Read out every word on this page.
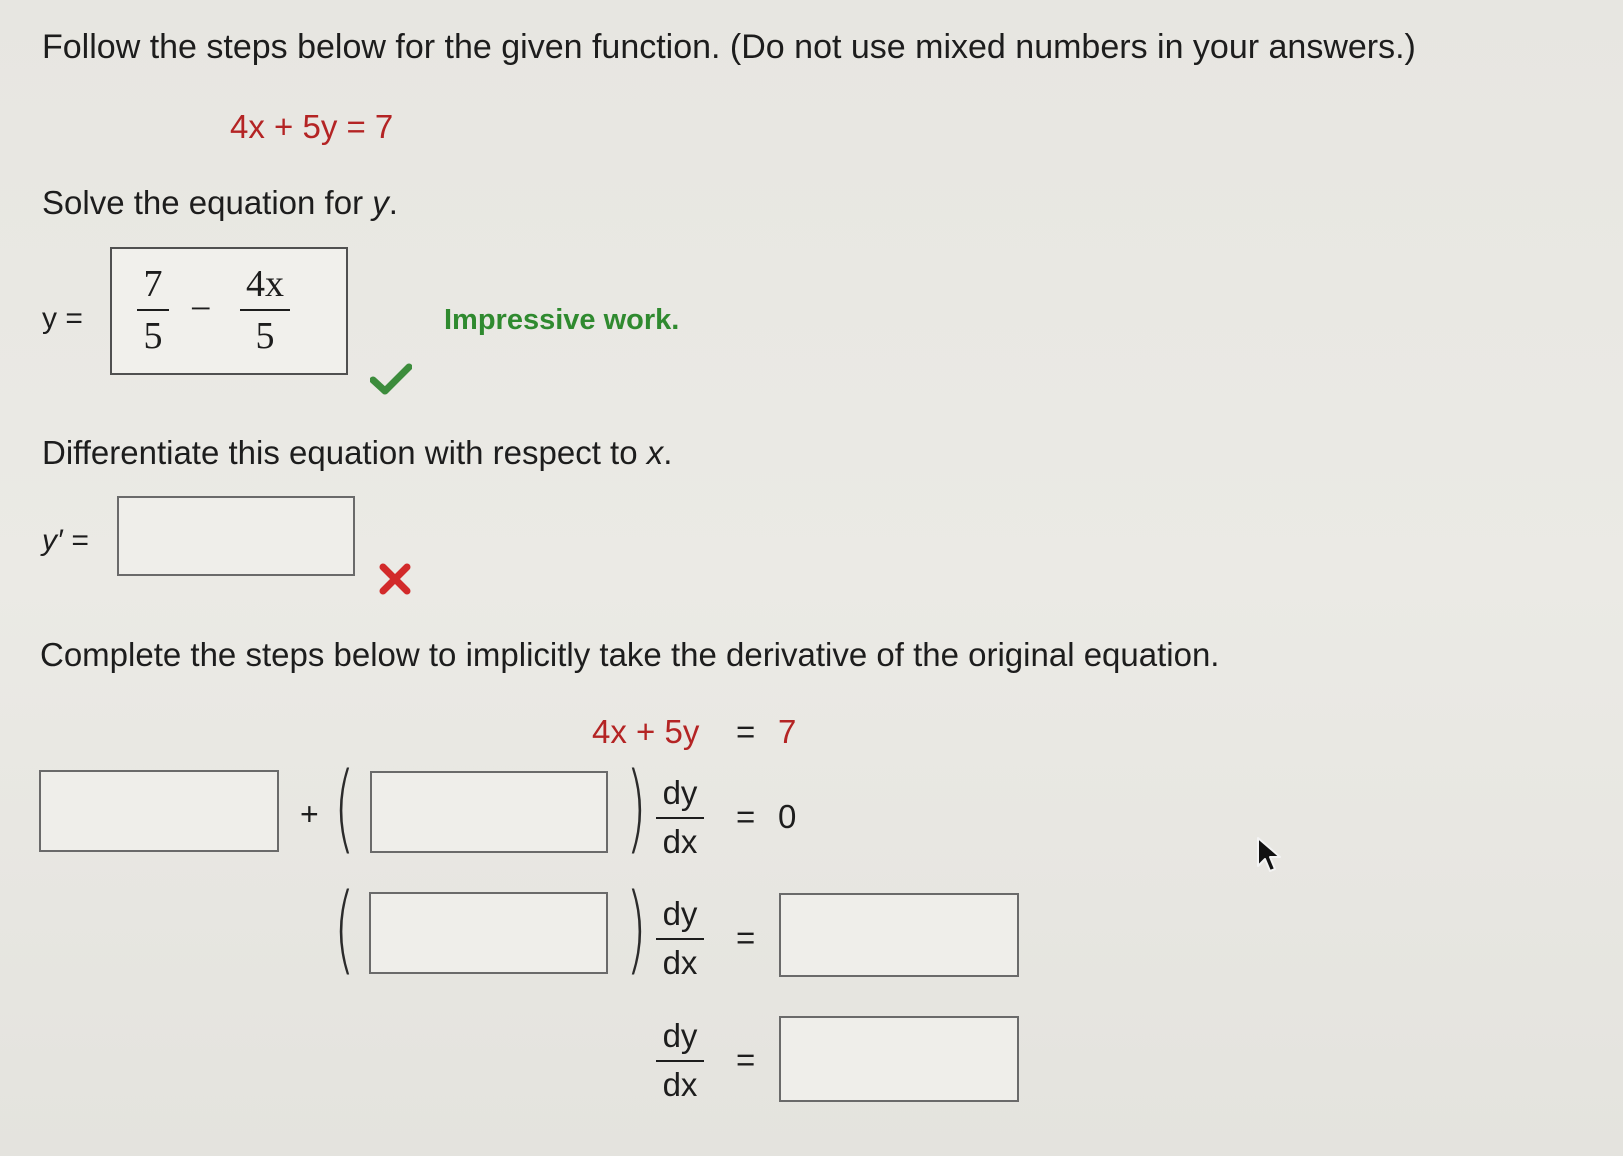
Follow the steps below for the given function. (Do not use mixed numbers in your answers.)
4x + 5y = 7
Solve the equation for y.
y =
7
5
−
4x
5	Impressive work.
Differentiate this equation with respect to x.
y′ =
Complete the steps below to implicitly take the derivative of the original equation.
4x + 5y = 7
+ (	) dy
dx
= 0
(	) dy
dx
=
dy
dx
=
